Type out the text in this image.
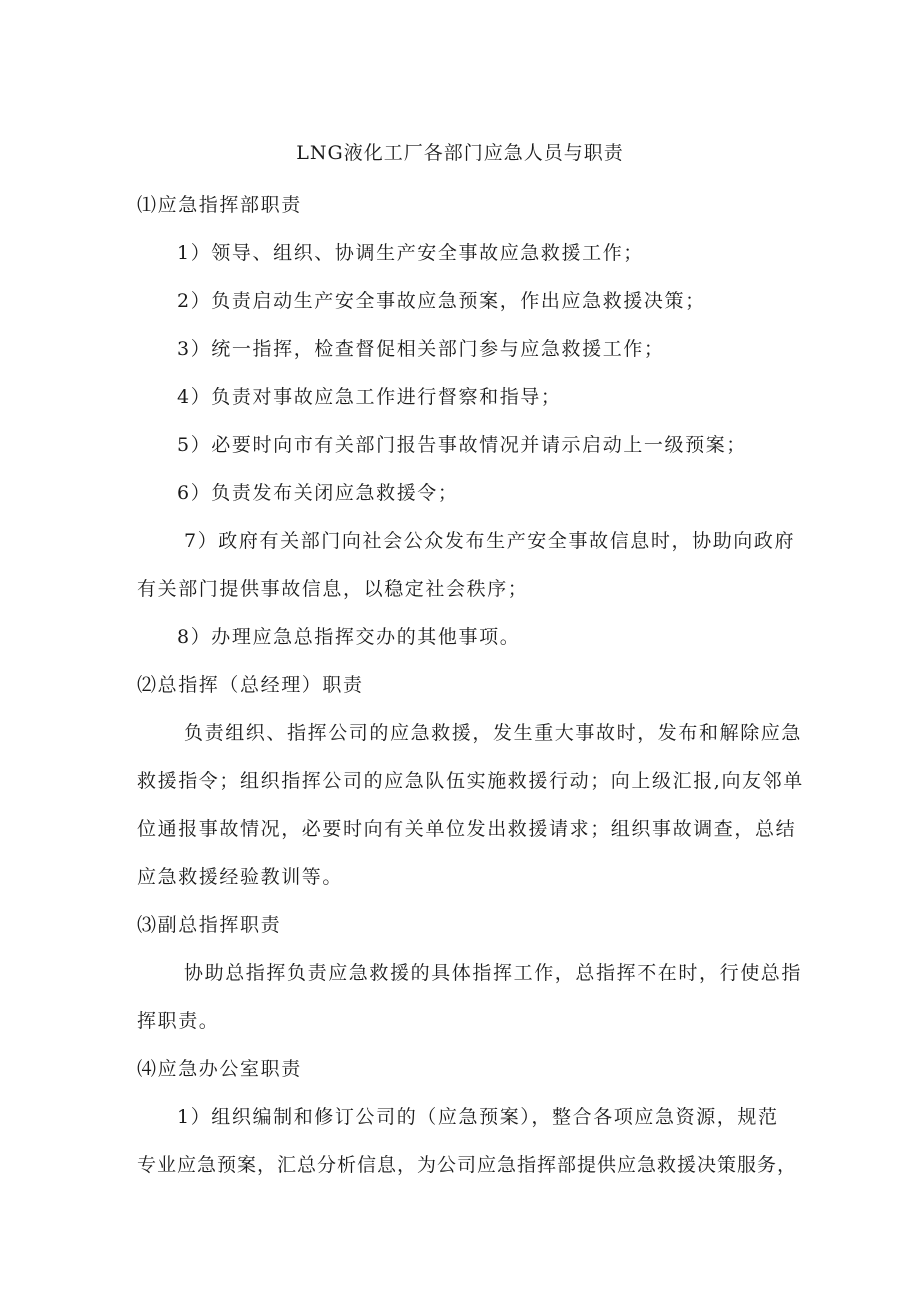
LNG液化工厂各部门应急人员与职责
⑴应急指挥部职责
1）领导、组织、协调生产安全事故应急救援工作；
2）负责启动生产安全事故应急预案，作出应急救援决策；
3）统一指挥，检查督促相关部门参与应急救援工作；
4）负责对事故应急工作进行督察和指导；
5）必要时向市有关部门报告事故情况并请示启动上一级预案；
6）负责发布关闭应急救援令；
7）政府有关部门向社会公众发布生产安全事故信息时，协助向政府
有关部门提供事故信息，以稳定社会秩序；
8）办理应急总指挥交办的其他事项。
⑵总指挥（总经理）职责
负责组织、指挥公司的应急救援，发生重大事故时，发布和解除应急
救援指令；组织指挥公司的应急队伍实施救援行动；向上级汇报,向友邻单
位通报事故情况，必要时向有关单位发出救援请求；组织事故调查，总结
应急救援经验教训等。
⑶副总指挥职责
协助总指挥负责应急救援的具体指挥工作，总指挥不在时，行使总指
挥职责。
⑷应急办公室职责
1）组织编制和修订公司的（应急预案），整合各项应急资源，规范
专业应急预案，汇总分析信息，为公司应急指挥部提供应急救援决策服务，
